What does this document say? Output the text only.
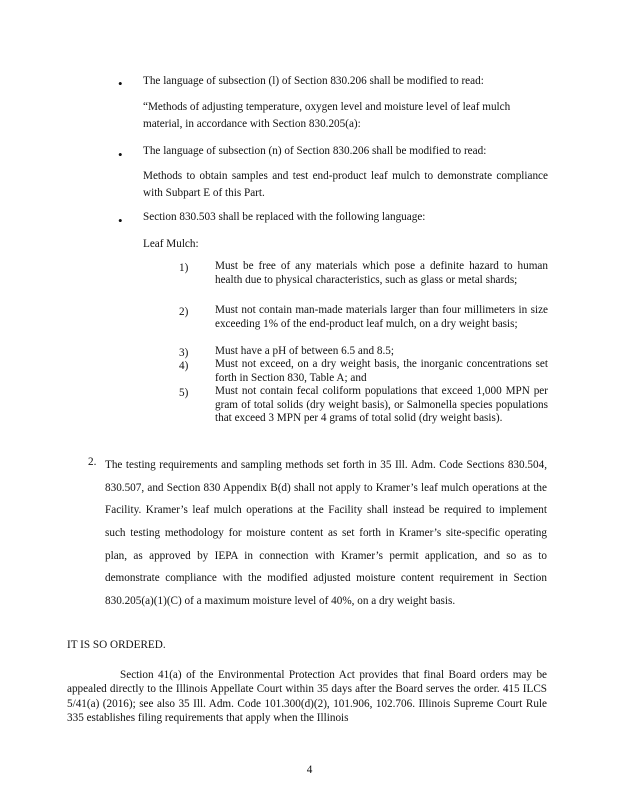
• The language of subsection (l) of Section 830.206 shall be modified to read:
“Methods of adjusting temperature, oxygen level and moisture level of leaf mulch material, in accordance with Section 830.205(a):
• The language of subsection (n) of Section 830.206 shall be modified to read:
Methods to obtain samples and test end-product leaf mulch to demonstrate compliance with Subpart E of this Part.
• Section 830.503 shall be replaced with the following language:
Leaf Mulch:
1)	Must be free of any materials which pose a definite hazard to human health due to physical characteristics, such as glass or metal shards;
2)	Must not contain man-made materials larger than four millimeters in size exceeding 1% of the end-product leaf mulch, on a dry weight basis;
3)	Must have a pH of between 6.5 and 8.5;
4)	Must not exceed, on a dry weight basis, the inorganic concentrations set forth in Section 830, Table A; and
5)	Must not contain fecal coliform populations that exceed 1,000 MPN per gram of total solids (dry weight basis), or Salmonella species populations that exceed 3 MPN per 4 grams of total solid (dry weight basis).
2. The testing requirements and sampling methods set forth in 35 Ill. Adm. Code Sections 830.504, 830.507, and Section 830 Appendix B(d) shall not apply to Kramer’s leaf mulch operations at the Facility. Kramer’s leaf mulch operations at the Facility shall instead be required to implement such testing methodology for moisture content as set forth in Kramer’s site-specific operating plan, as approved by IEPA in connection with Kramer’s permit application, and so as to demonstrate compliance with the modified adjusted moisture content requirement in Section 830.205(a)(1)(C) of a maximum moisture level of 40%, on a dry weight basis.
IT IS SO ORDERED.
Section 41(a) of the Environmental Protection Act provides that final Board orders may be appealed directly to the Illinois Appellate Court within 35 days after the Board serves the order. 415 ILCS 5/41(a) (2016); see also 35 Ill. Adm. Code 101.300(d)(2), 101.906, 102.706. Illinois Supreme Court Rule 335 establishes filing requirements that apply when the Illinois
4
